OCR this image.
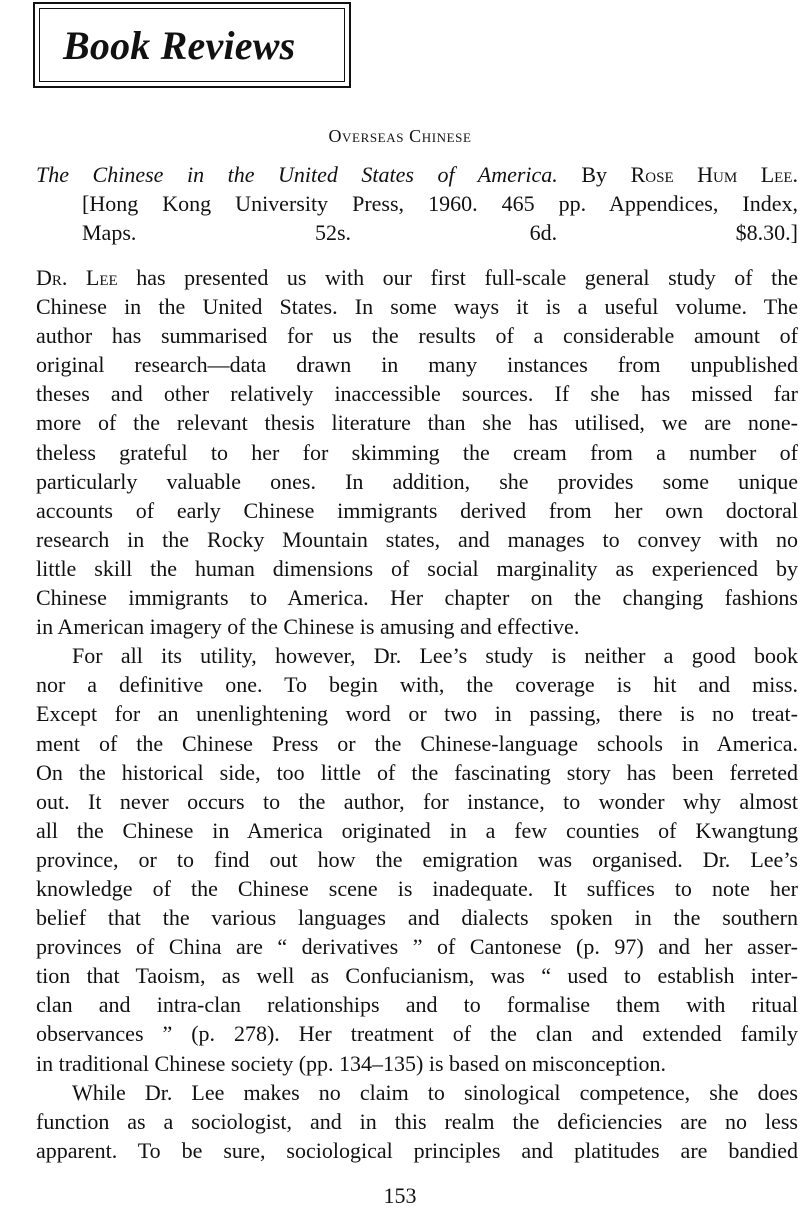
Book Reviews
Overseas Chinese
The Chinese in the United States of America. By Rose Hum Lee.
[Hong Kong University Press, 1960. 465 pp. Appendices, Index,
Maps. 52s. 6d. $8.30.]
Dr. Lee has presented us with our first full-scale general study of the
Chinese in the United States. In some ways it is a useful volume. The
author has summarised for us the results of a considerable amount of
original research—data drawn in many instances from unpublished
theses and other relatively inaccessible sources. If she has missed far
more of the relevant thesis literature than she has utilised, we are none-
theless grateful to her for skimming the cream from a number of
particularly valuable ones. In addition, she provides some unique
accounts of early Chinese immigrants derived from her own doctoral
research in the Rocky Mountain states, and manages to convey with no
little skill the human dimensions of social marginality as experienced by
Chinese immigrants to America. Her chapter on the changing fashions
in American imagery of the Chinese is amusing and effective.
For all its utility, however, Dr. Lee’s study is neither a good book
nor a definitive one. To begin with, the coverage is hit and miss.
Except for an unenlightening word or two in passing, there is no treat-
ment of the Chinese Press or the Chinese-language schools in America.
On the historical side, too little of the fascinating story has been ferreted
out. It never occurs to the author, for instance, to wonder why almost
all the Chinese in America originated in a few counties of Kwangtung
province, or to find out how the emigration was organised. Dr. Lee’s
knowledge of the Chinese scene is inadequate. It suffices to note her
belief that the various languages and dialects spoken in the southern
provinces of China are “ derivatives ” of Cantonese (p. 97) and her asser-
tion that Taoism, as well as Confucianism, was “ used to establish inter-
clan and intra-clan relationships and to formalise them with ritual
observances ” (p. 278). Her treatment of the clan and extended family
in traditional Chinese society (pp. 134–135) is based on misconception.
While Dr. Lee makes no claim to sinological competence, she does
function as a sociologist, and in this realm the deficiencies are no less
apparent. To be sure, sociological principles and platitudes are bandied
153
